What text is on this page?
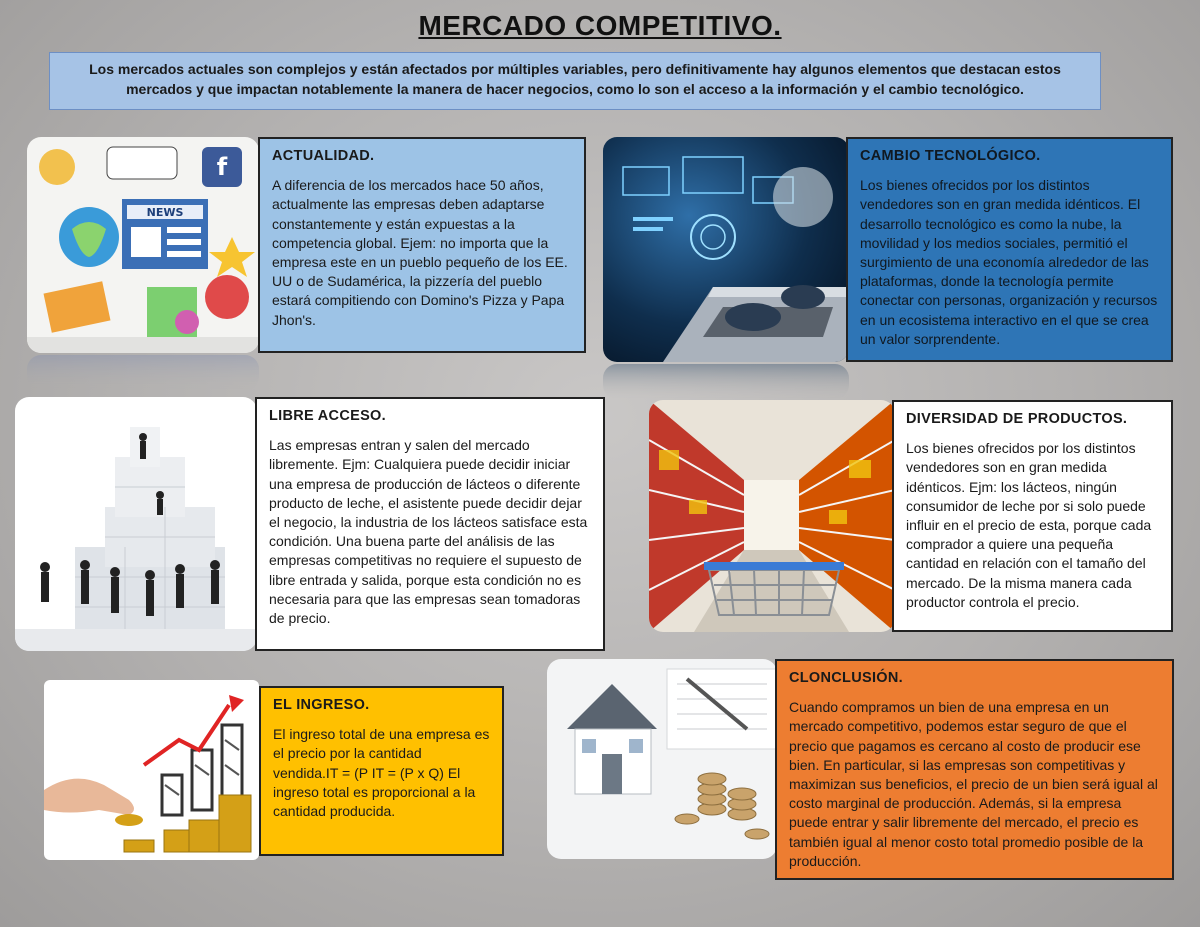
MERCADO COMPETITIVO.
Los mercados actuales son complejos y están afectados por múltiples variables, pero definitivamente hay algunos elementos que destacan estos mercados y que impactan notablemente la manera de hacer negocios, como lo son el acceso a la información y el cambio tecnológico.
NEWS
f	ACTUALIDAD.

A diferencia de los mercados hace 50 años, actualmente las empresas deben adaptarse constantemente y están expuestas a la competencia global. Ejem: no importa que la empresa este en un pueblo pequeño de los EE. UU o de Sudamérica, la pizzería del pueblo estará compitiendo con Domino's Pizza y Papa Jhon's.

CAMBIO TECNOLÓGICO.

Los bienes ofrecidos por los distintos vendedores son en gran medida idénticos. El desarrollo tecnológico es como la nube, la movilidad y los medios sociales, permitió el surgimiento de una economía alrededor de las plataformas, donde la tecnología permite conectar con personas, organización y recursos en un ecosistema interactivo en el que se crea un valor sorprendente.

LIBRE ACCESO.

Las empresas entran y salen del mercado libremente. Ejm: Cualquiera puede decidir iniciar una empresa de producción de lácteos o diferente producto de leche, el asistente puede decidir dejar el negocio, la industria de los lácteos satisface esta condición. Una buena parte del análisis de las empresas competitivas no requiere el supuesto de libre entrada y salida, porque esta condición no es necesaria para que las empresas sean tomadoras de precio.

DIVERSIDAD DE PRODUCTOS.

Los bienes ofrecidos por los distintos vendedores son en gran medida idénticos. Ejm: los lácteos, ningún consumidor de leche por si solo puede influir en el precio de esta, porque cada comprador a quiere una pequeña cantidad en relación con el tamaño del mercado. De la misma manera cada productor controla el precio.

EL INGRESO.

El ingreso total de una empresa es el precio por la cantidad vendida.IT = (P IT = (P x Q) El ingreso total es proporcional a la cantidad producida.

CLONCLUSIÓN.

Cuando compramos un bien de una empresa en un mercado competitivo, podemos estar seguro de que el precio que pagamos es cercano al costo de producir ese bien. En particular, si las empresas son competitivas y maximizan sus beneficios, el precio de un bien será igual al costo marginal de producción. Además, si la empresa puede entrar y salir libremente del mercado, el precio es también igual al menor costo total promedio posible de la producción.
